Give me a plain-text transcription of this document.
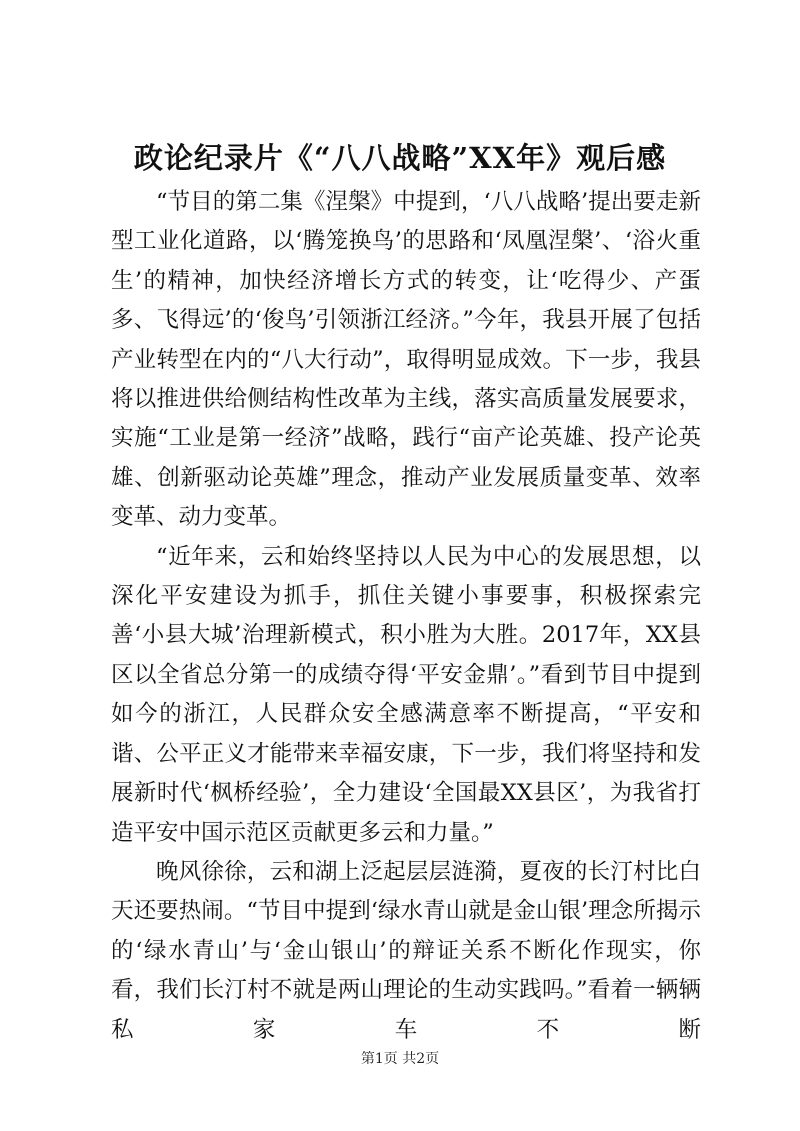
政论纪录片《“八八战略”XX年》观后感

“节目的第二集《涅槃》中提到，‘八八战略’提出要走新型工业化道路，以‘腾笼换鸟’的思路和‘凤凰涅槃’、‘浴火重生’的精神，加快经济增长方式的转变，让‘吃得少、产蛋多、飞得远’的‘俊鸟’引领浙江经济。”今年，我县开展了包括产业转型在内的“八大行动”，取得明显成效。下一步，我县将以推进供给侧结构性改革为主线，落实高质量发展要求，实施“工业是第一经济”战略，践行“亩产论英雄、投产论英雄、创新驱动论英雄”理念，推动产业发展质量变革、效率变革、动力变革。

“近年来，云和始终坚持以人民为中心的发展思想，以深化平安建设为抓手，抓住关键小事要事，积极探索完善‘小县大城’治理新模式，积小胜为大胜。2017年，XX县区以全省总分第一的成绩夺得‘平安金鼎’。”看到节目中提到如今的浙江，人民群众安全感满意率不断提高，“平安和谐、公平正义才能带来幸福安康，下一步，我们将坚持和发展新时代‘枫桥经验’，全力建设‘全国最XX县区’，为我省打造平安中国示范区贡献更多云和力量。”

晚风徐徐，云和湖上泛起层层涟漪，夏夜的长汀村比白天还要热闹。“节目中提到‘绿水青山就是金山银’理念所揭示的‘绿水青山’与‘金山银山’的辩证关系不断化作现实，你看，我们长汀村不就是两山理论的生动实践吗。”看着一辆辆私家车不断

第1页 共2页
